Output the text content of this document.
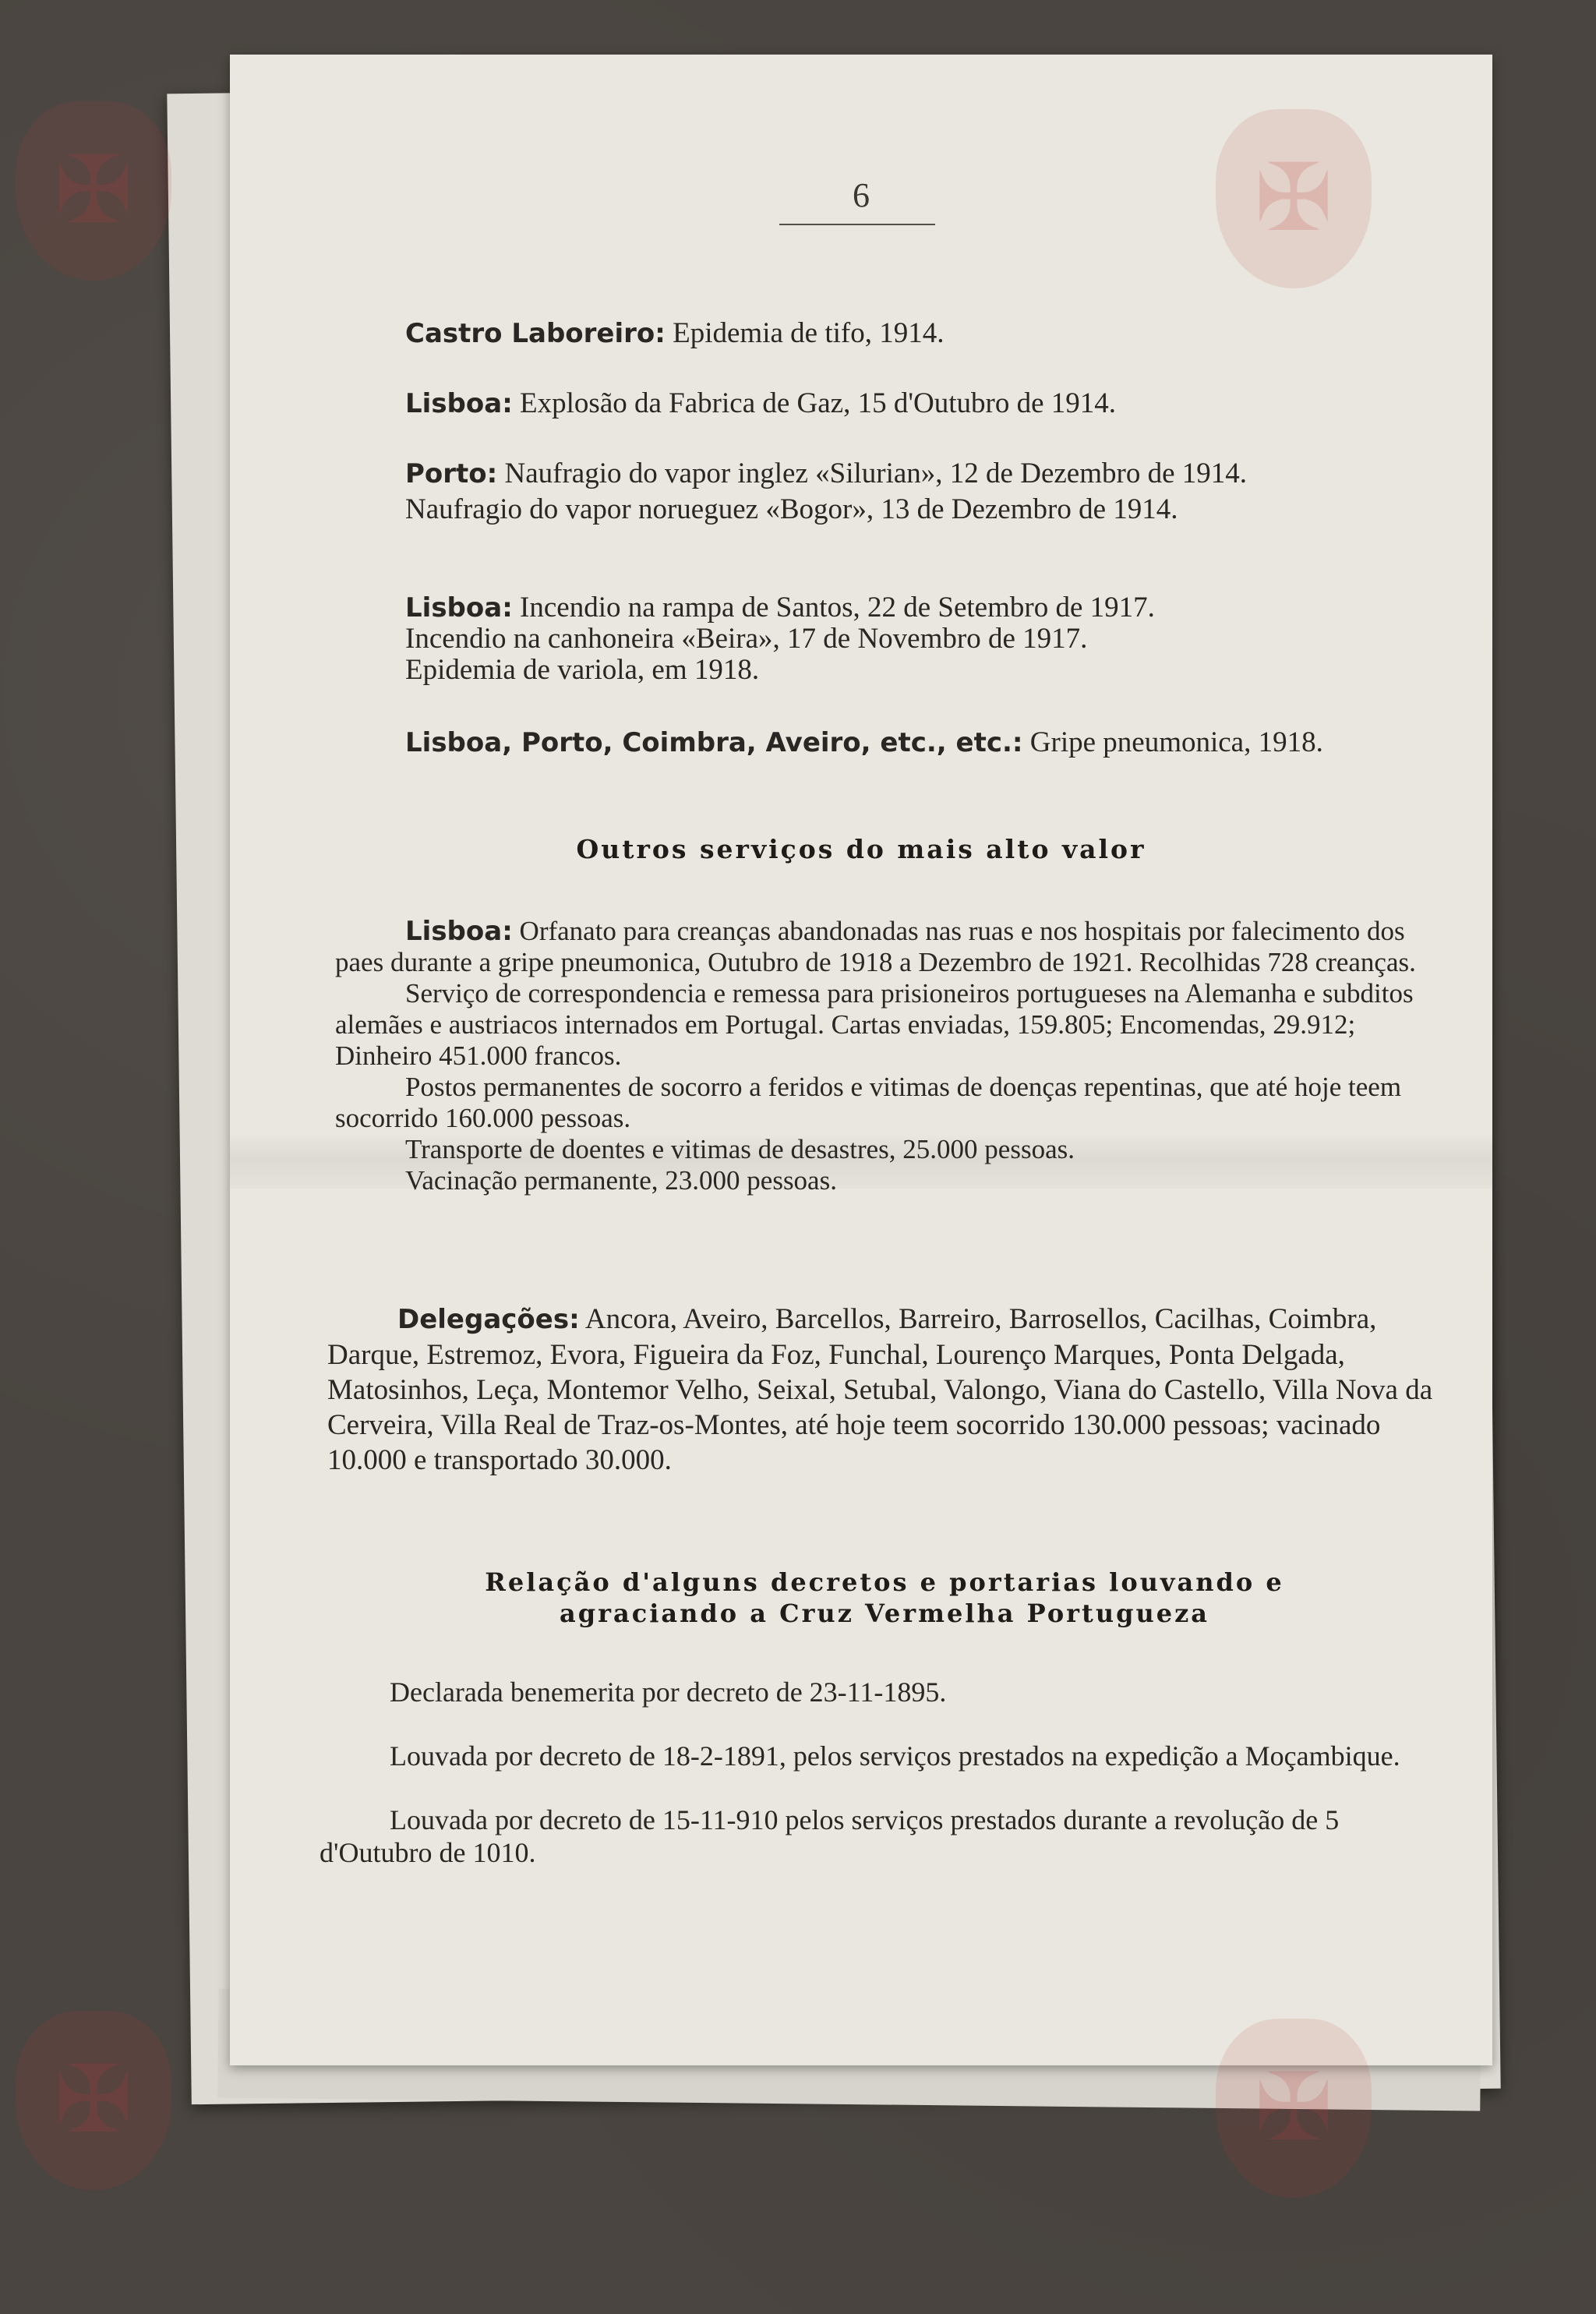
6
Castro Laboreiro: Epidemia de tifo, 1914.
Lisboa: Explosão da Fabrica de Gaz, 15 d'Outubro de 1914.

Porto: Naufragio do vapor inglez «Silurian», 12 de Dezembro de 1914.

Naufragio do vapor norueguez «Bogor», 13 de Dezembro de 1914.

Lisboa: Incendio na rampa de Santos, 22 de Setembro de 1917.

Incendio na canhoneira «Beira», 17 de Novembro de 1917.

Epidemia de variola, em 1918.

Lisboa, Porto, Coimbra, Aveiro, etc., etc.: Gripe pneumonica, 1918.
Outros serviços do mais alto valor

Lisboa: Orfanato para creanças abandonadas nas ruas e nos hospitais por falecimento dos paes durante a gripe pneumonica, Outubro de 1918 a Dezembro de 1921. Recolhidas 728 creanças.

Serviço de correspondencia e remessa para prisioneiros portugueses na Alemanha e subditos alemães e austriacos internados em Portugal. Cartas enviadas, 159.805; Encomendas, 29.912; Dinheiro 451.000 francos.

Postos permanentes de socorro a feridos e vitimas de doenças repentinas, que até hoje teem socorrido 160.000 pessoas.

Transporte de doentes e vitimas de desastres, 25.000 pessoas.

Vacinação permanente, 23.000 pessoas.

Delegações: Ancora, Aveiro, Barcellos, Barreiro, Barrosellos, Cacilhas, Coimbra, Darque, Estremoz, Evora, Figueira da Foz, Funchal, Lourenço Marques, Ponta Delgada, Matosinhos, Leça, Montemor Velho, Seixal, Setubal, Valongo, Viana do Castello, Villa Nova da Cerveira, Villa Real de Traz-os-Montes, até hoje teem socorrido 130.000 pessoas; vacinado 10.000 e transportado 30.000.

Relação d'alguns decretos e portarias louvando e

agraciando a Cruz Vermelha Portugueza

Declarada benemerita por decreto de 23-11-1895.

Louvada por decreto de 18-2-1891, pelos serviços prestados na expedição a Moçambique.

Louvada por decreto de 15-11-910 pelos serviços prestados durante a revolução de 5 d'Outubro de 1010.

✠	✠
✠	✠
